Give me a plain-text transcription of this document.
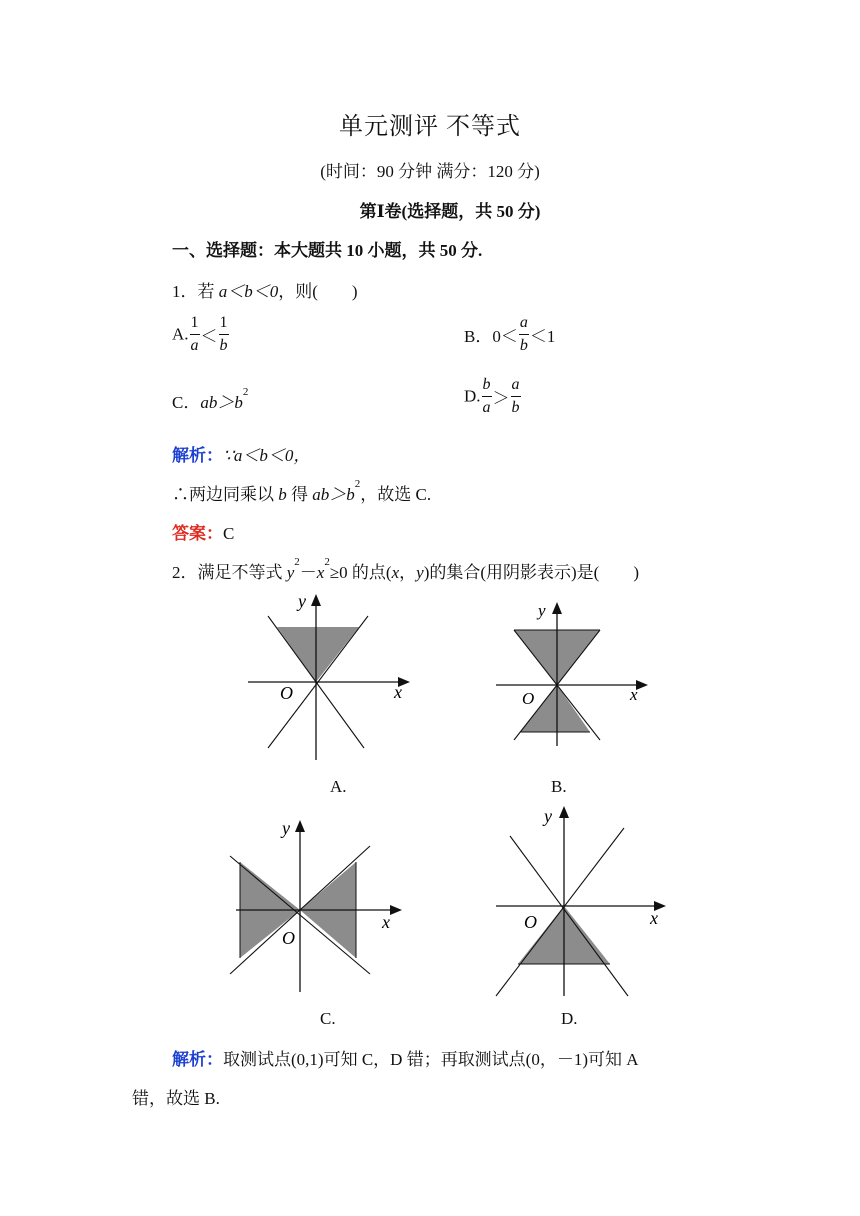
单元测评 不等式
(时间：90 分钟 满分：120 分)
第Ⅰ卷(选择题，共 50 分)
一、选择题：本大题共 10 小题，共 50 分.
1．若 a＜b＜0，则(　　)
A. $\frac{1}{a} < \frac{1}{b}$	B．$0< \frac{a}{b} <1$
C．$ab>b^2$	D. $\frac{b}{a} > \frac{a}{b}$
解析：∵a＜b＜0，
∴两边同乘以 b 得 $ab>b^2$，故选 C.
答案：C
2．满足不等式 $y^2-x^2\ge 0$ 的点(x，y)的集合(用阴影表示)是(　　)
x
y
O
A.
x
y
O
B.
x
y
O
C.
x
y
O
D.
解析：取测试点(0,1)可知 C，D 错；再取测试点(0，－1)可知 A
错，故选 B.
